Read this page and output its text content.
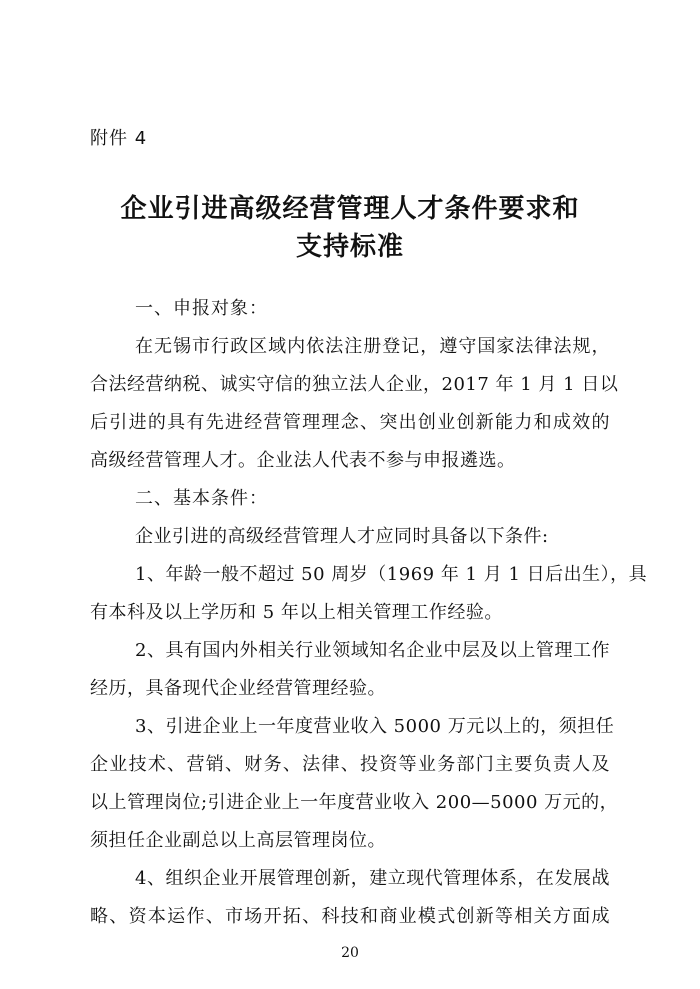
附件 4
企业引进高级经营管理人才条件要求和
支持标准
一、申报对象：
在无锡市行政区域内依法注册登记，遵守国家法律法规，
合法经营纳税、诚实守信的独立法人企业，2017 年 1 月 1 日以
后引进的具有先进经营管理理念、突出创业创新能力和成效的
高级经营管理人才。企业法人代表不参与申报遴选。
二、基本条件：
企业引进的高级经营管理人才应同时具备以下条件:
1、年龄一般不超过 50 周岁（1969 年 1 月 1 日后出生），具
有本科及以上学历和 5 年以上相关管理工作经验。
2、具有国内外相关行业领域知名企业中层及以上管理工作
经历，具备现代企业经营管理经验。
3、引进企业上一年度营业收入 5000 万元以上的，须担任
企业技术、营销、财务、法律、投资等业务部门主要负责人及
以上管理岗位;引进企业上一年度营业收入 200—5000 万元的，
须担任企业副总以上高层管理岗位。
4、组织企业开展管理创新，建立现代管理体系，在发展战
略、资本运作、市场开拓、科技和商业模式创新等相关方面成
20
